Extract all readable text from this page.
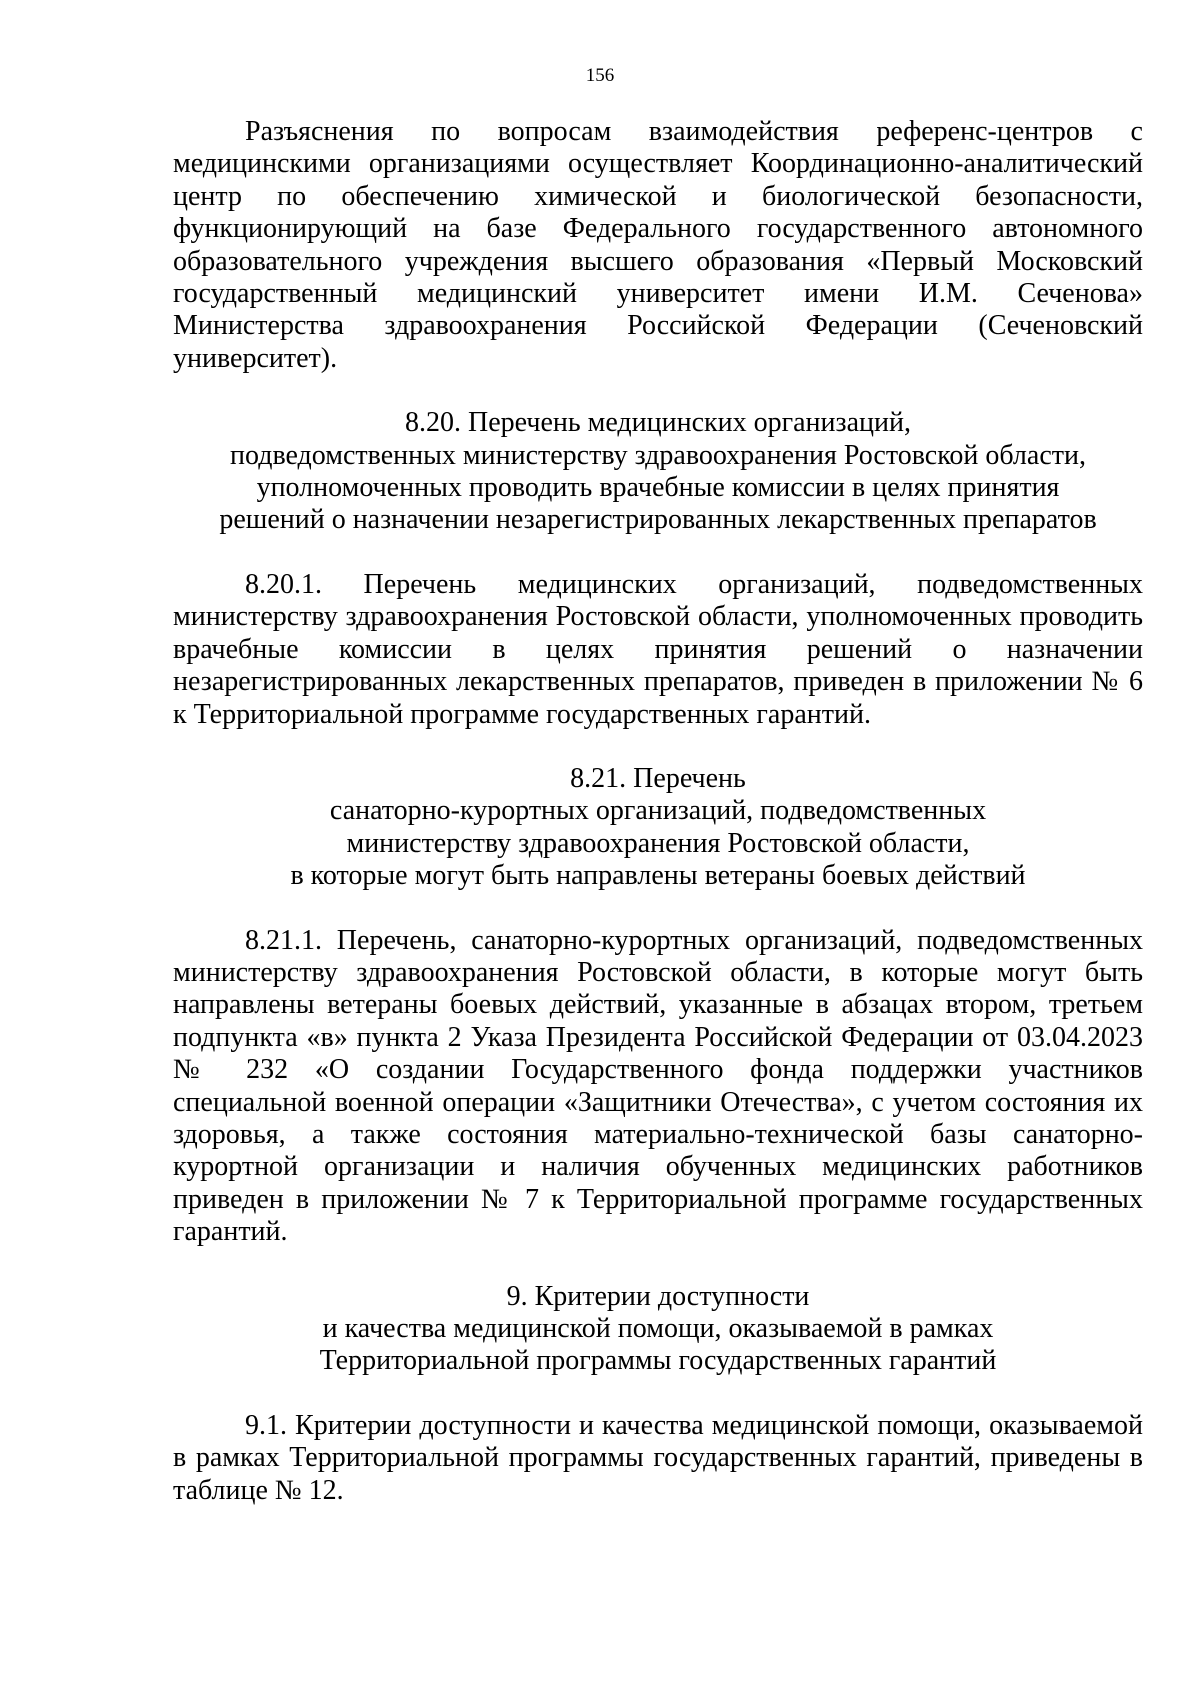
156

Разъяснения по вопросам взаимодействия референс-центров с медицинскими организациями осуществляет Координационно-аналитический центр по обеспечению химической и биологической безопасности, функционирующий на базе Федерального государственного автономного образовательного учреждения высшего образования «Первый Московский государственный медицинский университет имени И.М. Сеченова» Министерства здравоохранения Российской Федерации (Сеченовский университет).

8.20. Перечень медицинских организаций,
подведомственных министерству здравоохранения Ростовской области,
уполномоченных проводить врачебные комиссии в целях принятия
решений о назначении незарегистрированных лекарственных препаратов

8.20.1. Перечень медицинских организаций, подведомственных министерству здравоохранения Ростовской области, уполномоченных проводить врачебные комиссии в целях принятия решений о назначении незарегистрированных лекарственных препаратов, приведен в приложении № 6 к Территориальной программе государственных гарантий.

8.21. Перечень
санаторно-курортных организаций, подведомственных
министерству здравоохранения Ростовской области,
в которые могут быть направлены ветераны боевых действий

8.21.1. Перечень, санаторно-курортных организаций, подведомственных министерству здравоохранения Ростовской области, в которые могут быть направлены ветераны боевых действий, указанные в абзацах втором, третьем подпункта «в» пункта 2 Указа Президента Российской Федерации от 03.04.2023 № 232 «О создании Государственного фонда поддержки участников специальной военной операции «Защитники Отечества», с учетом состояния их здоровья, а также состояния материально-технической базы санаторно-курортной организации и наличия обученных медицинских работников приведен в приложении № 7 к Территориальной программе государственных гарантий.

9. Критерии доступности
и качества медицинской помощи, оказываемой в рамках
Территориальной программы государственных гарантий

9.1. Критерии доступности и качества медицинской помощи, оказываемой в рамках Территориальной программы государственных гарантий, приведены в таблице № 12.
